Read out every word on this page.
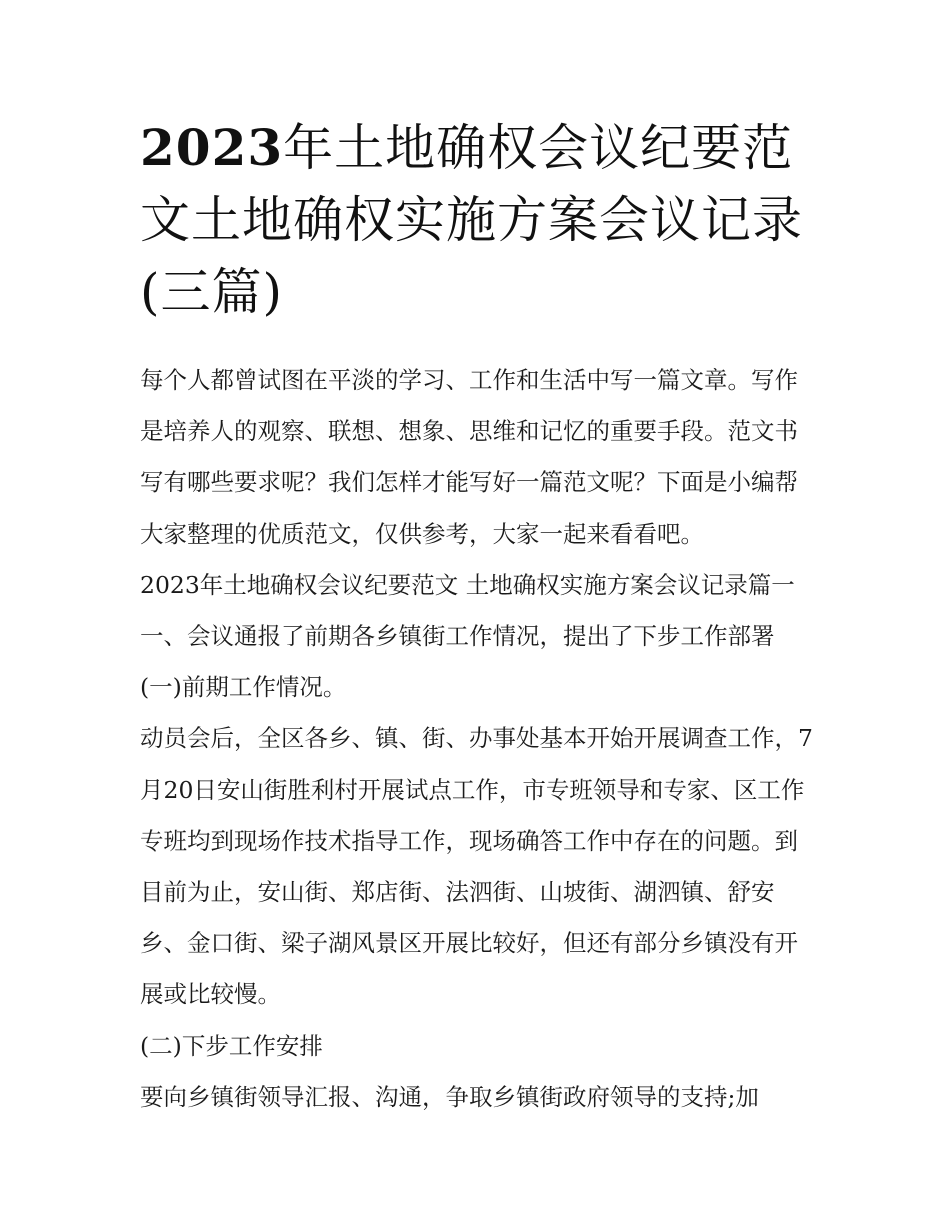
2023年土地确权会议纪要范文土地确权实施方案会议记录(三篇)

每个人都曾试图在平淡的学习、工作和生活中写一篇文章。写作是培养人的观察、联想、想象、思维和记忆的重要手段。范文书写有哪些要求呢？我们怎样才能写好一篇范文呢？下面是小编帮大家整理的优质范文，仅供参考，大家一起来看看吧。

2023年土地确权会议纪要范文 土地确权实施方案会议记录篇一 一、会议通报了前期各乡镇街工作情况，提出了下步工作部署 (一)前期工作情况。

动员会后，全区各乡、镇、街、办事处基本开始开展调查工作，7月20日安山街胜利村开展试点工作，市专班领导和专家、区工作专班均到现场作技术指导工作，现场确答工作中存在的问题。到目前为止，安山街、郑店街、法泗街、山坡街、湖泗镇、舒安乡、金口街、梁子湖风景区开展比较好，但还有部分乡镇没有开展或比较慢。

(二)下步工作安排

要向乡镇街领导汇报、沟通，争取乡镇街政府领导的支持;加
